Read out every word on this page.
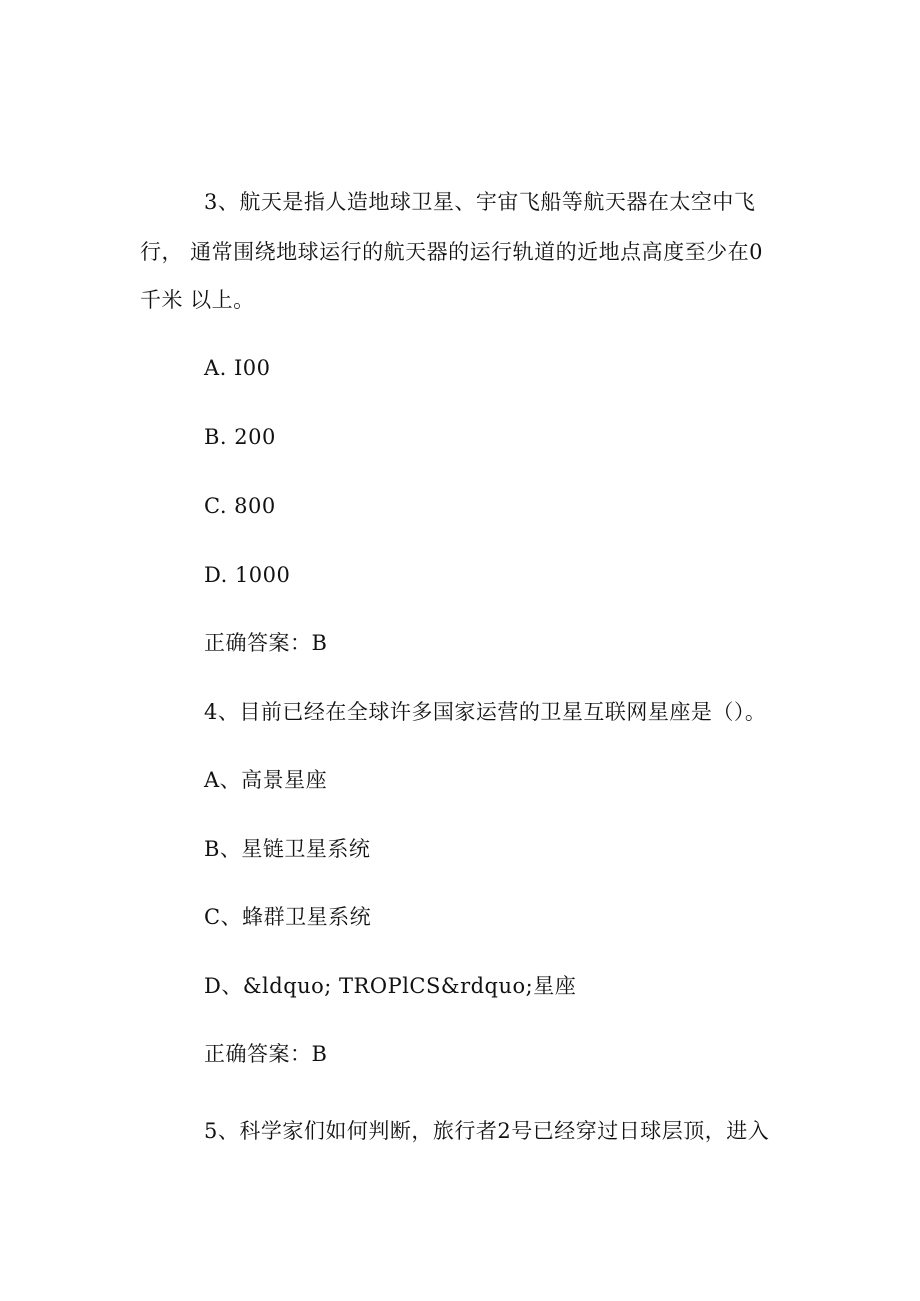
3、航天是指人造地球卫星、宇宙飞船等航天器在太空中飞
行， 通常围绕地球运行的航天器的运行轨道的近地点高度至少在0
千米 以上。
A. I00
B. 200
C. 800
D. 1000
正确答案：B
4、目前已经在全球许多国家运营的卫星互联网星座是（）。
A、高景星座
B、星链卫星系统
C、蜂群卫星系统
D、&ldquo; TROPlCS&rdquo;星座
正确答案：B
5、科学家们如何判断，旅行者2号已经穿过日球层顶，进入
